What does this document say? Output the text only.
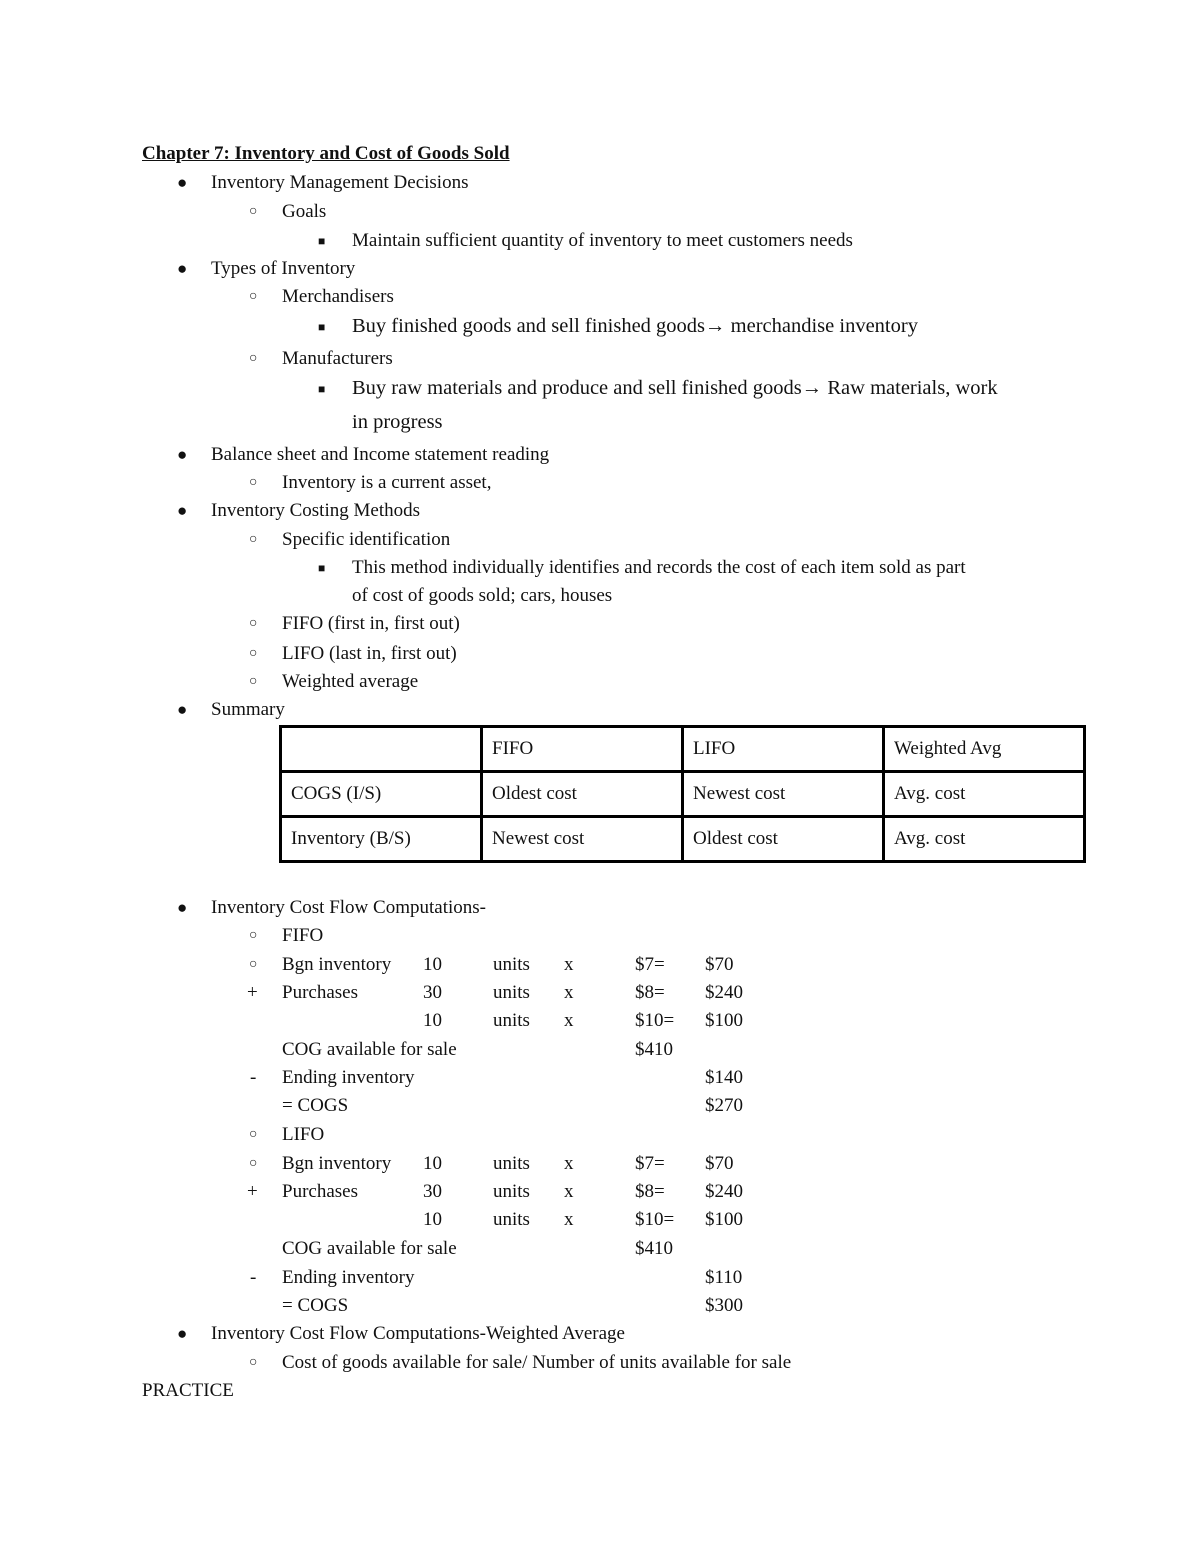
Chapter 7: Inventory and Cost of Goods Sold
● Inventory Management Decisions
○ Goals
■ Maintain sufficient quantity of inventory to meet customers needs
● Types of Inventory
○ Merchandisers
■ Buy finished goods and sell finished goods→ merchandise inventory
○ Manufacturers
■ Buy raw materials and produce and sell finished goods→ Raw materials, work
in progress
● Balance sheet and Income statement reading
○ Inventory is a current asset,
● Inventory Costing Methods
○ Specific identification
■ This method individually identifies and records the cost of each item sold as part
of cost of goods sold; cars, houses
○ FIFO (first in, first out)
○ LIFO (last in, first out)
○ Weighted average
● Summary
	FIFO	LIFO	Weighted Avg
COGS (I/S)	Oldest cost	Newest cost	Avg. cost
Inventory (B/S)	Newest cost	Oldest cost	Avg. cost
● Inventory Cost Flow Computations-
○ FIFO
○ Bgn inventory 10	units x	$7= $70
+ Purchases	30	units x	$8= $240
10	units x	$10= $100
COG available for sale	$410
- Ending inventory	$140
= COGS	$270
○ LIFO
○ Bgn inventory 10	units x	$7= $70
+ Purchases	30	units x	$8= $240
10	units x	$10= $100
COG available for sale	$410
- Ending inventory	$110
= COGS	$300
● Inventory Cost Flow Computations-Weighted Average
○ Cost of goods available for sale/ Number of units available for sale
PRACTICE
